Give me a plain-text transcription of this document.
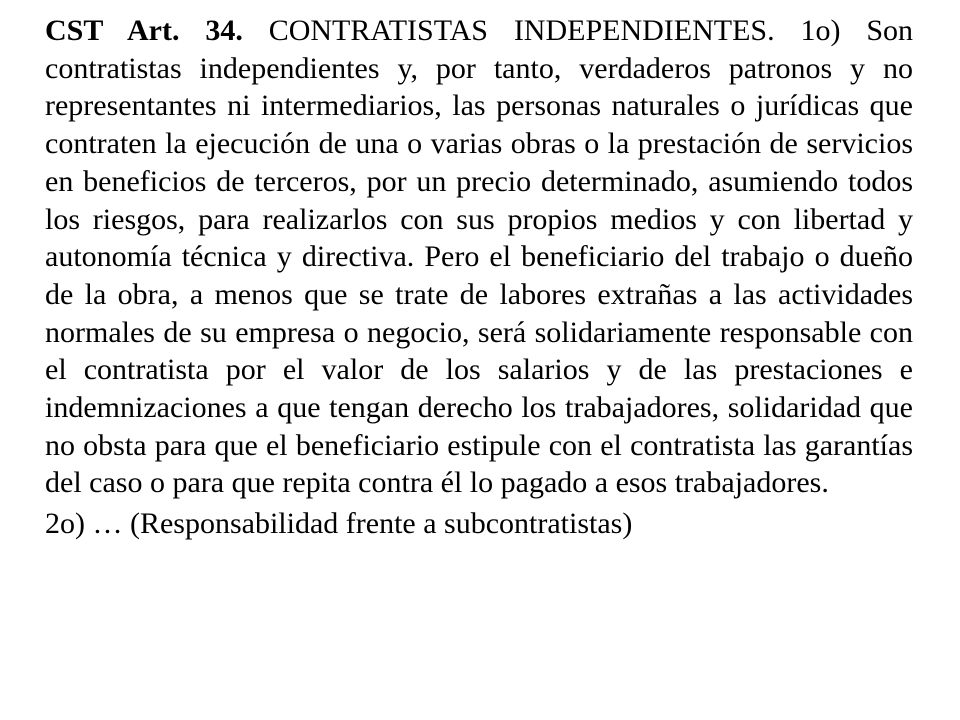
CST Art. 34. CONTRATISTAS INDEPENDIENTES. 1o) Son contratistas independientes y, por tanto, verdaderos patronos y no representantes ni intermediarios, las personas naturales o jurídicas que contraten la ejecución de una o varias obras o la prestación de servicios en beneficios de terceros, por un precio determinado, asumiendo todos los riesgos, para realizarlos con sus propios medios y con libertad y autonomía técnica y directiva. Pero el beneficiario del trabajo o dueño de la obra, a menos que se trate de labores extrañas a las actividades normales de su empresa o negocio, será solidariamente responsable con el contratista por el valor de los salarios y de las prestaciones e indemnizaciones a que tengan derecho los trabajadores, solidaridad que no obsta para que el beneficiario estipule con el contratista las garantías del caso o para que repita contra él lo pagado a esos trabajadores.

2o) … (Responsabilidad frente a subcontratistas)
